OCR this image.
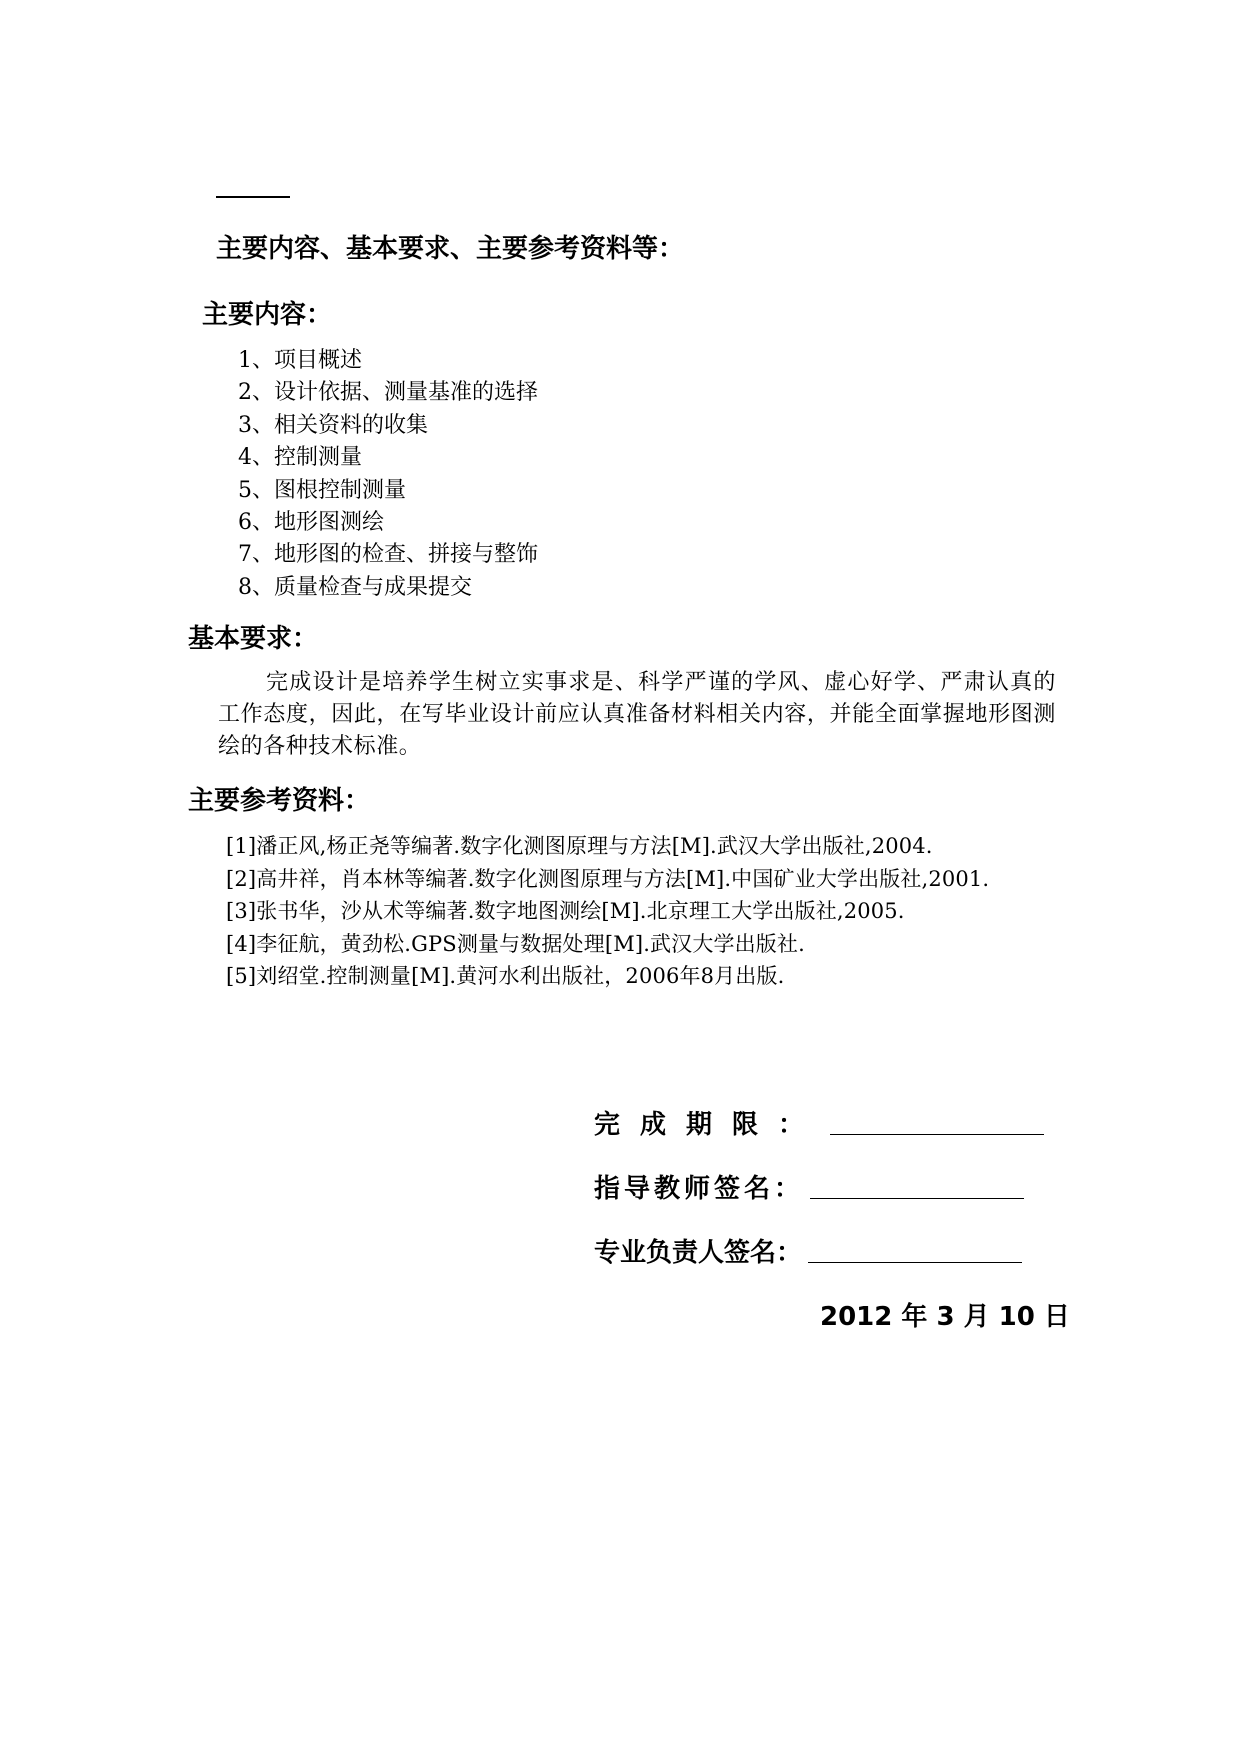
主要内容、基本要求、主要参考资料等：
主要内容：
1、项目概述
2、设计依据、测量基准的选择
3、相关资料的收集
4、控制测量
5、图根控制测量
6、地形图测绘
7、地形图的检查、拼接与整饰
8、质量检查与成果提交
基本要求：

完成设计是培养学生树立实事求是、科学严谨的学风、虚心好学、严肃认真的工作态度，因此，在写毕业设计前应认真准备材料相关内容，并能全面掌握地形图测绘的各种技术标准。

主要参考资料：
[1]潘正风,杨正尧等编著.数字化测图原理与方法[M].武汉大学出版社,2004.
[2]高井祥，肖本林等编著.数字化测图原理与方法[M].中国矿业大学出版社,2001.
[3]张书华，沙从术等编著.数字地图测绘[M].北京理工大学出版社,2005.
[4]李征航，黄劲松.GPS测量与数据处理[M].武汉大学出版社.
[5]刘绍堂.控制测量[M].黄河水利出版社，2006年8月出版.
完成期限：
指导教师签名：
专业负责人签名：
2012 年 3 月 10 日
